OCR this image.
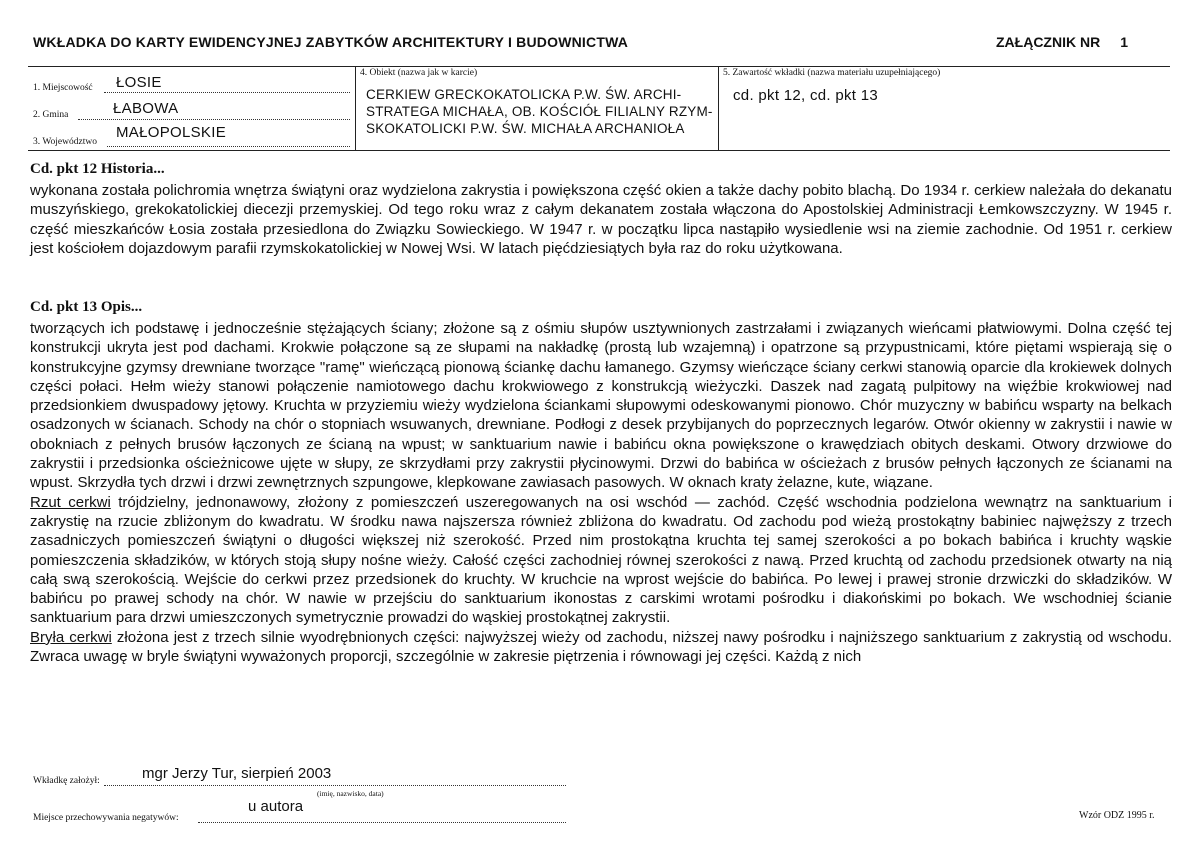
WKŁADKA DO KARTY EWIDENCYJNEJ ZABYTKÓW ARCHITEKTURY I BUDOWNICTWA	ZAŁĄCZNIK NR 1
1. Miejscowość ŁOSIE
2. Gmina	ŁABOWA
3. Województwo
MAŁOPOLSKIE
4. Obiekt (nazwa jak w karcie)
CERKIEW GRECKOKATOLICKA P.W. ŚW. ARCHI-
STRATEGA MICHAŁA, OB. KOŚCIÓŁ FILIALNY RZYM-
SKOKATOLICKI P.W. ŚW. MICHAŁA ARCHANIOŁA
5. Zawartość wkładki (nazwa materiału uzupełniającego)
cd. pkt 12, cd. pkt 13
Cd. pkt 12 Historia...

wykonana została polichromia wnętrza świątyni oraz wydzielona zakrystia i powiększona część okien a także dachy pobito blachą. Do 1934 r. cerkiew należała do dekanatu muszyńskiego, grekokatolickiej diecezji przemyskiej. Od tego roku wraz z całym dekanatem została włączona do Apostolskiej Administracji Łemkowszczyzny. W 1945 r. część mieszkańców Łosia została przesiedlona do Związku Sowieckiego. W 1947 r. w początku lipca nastąpiło wysiedlenie wsi na ziemie zachodnie. Od 1951 r. cerkiew jest kościołem dojazdowym parafii rzymskokatolickiej w Nowej Wsi. W latach pięćdziesiątych była raz do roku użytkowana.

Cd. pkt 13 Opis...

tworzących ich podstawę i jednocześnie stężających ściany; złożone są z ośmiu słupów usztywnionych zastrzałami i związanych wieńcami płatwiowymi. Dolna część tej konstrukcji ukryta jest pod dachami. Krokwie połączone są ze słupami na nakładkę (prostą lub wzajemną) i opatrzone są przypustnicami, które piętami wspierają się o konstrukcyjne gzymsy drewniane tworzące "ramę" wieńczącą pionową ściankę dachu łamanego. Gzymsy wieńczące ściany cerkwi stanowią oparcie dla krokiewek dolnych części połaci. Hełm wieży stanowi połączenie namiotowego dachu krokwiowego z konstrukcją wieżyczki. Daszek nad zagatą pulpitowy na więźbie krokwiowej nad przedsionkiem dwuspadowy jętowy. Kruchta w przyziemiu wieży wydzielona ściankami słupowymi odeskowanymi pionowo. Chór muzyczny w babińcu wsparty na belkach osadzonych w ścianach. Schody na chór o stopniach wsuwanych, drewniane. Podłogi z desek przybijanych do poprzecznych legarów. Otwór okienny w zakrystii i nawie w obokniach z pełnych brusów łączonych ze ścianą na wpust; w sanktuarium nawie i babińcu okna powiększone o krawędziach obitych deskami. Otwory drzwiowe do zakrystii i przedsionka ościeżnicowe ujęte w słupy, ze skrzydłami przy zakrystii płycinowymi. Drzwi do babińca w ościeżach z brusów pełnych łączonych ze ścianami na wpust. Skrzydła tych drzwi i drzwi zewnętrznych szpungowe, klepkowane zawiasach pasowych. W oknach kraty żelazne, kute, wiązane.
Rzut cerkwi trójdzielny, jednonawowy, złożony z pomieszczeń uszeregowanych na osi wschód — zachód. Część wschodnia podzielona wewnątrz na sanktuarium i zakrystię na rzucie zbliżonym do kwadratu. W środku nawa najszersza również zbliżona do kwadratu. Od zachodu pod wieżą prostokątny babiniec najwęższy z trzech zasadniczych pomieszczeń świątyni o długości większej niż szerokość. Przed nim prostokątna kruchta tej samej szerokości a po bokach babińca i kruchty wąskie pomieszczenia składzików, w których stoją słupy nośne wieży. Całość części zachodniej równej szerokości z nawą. Przed kruchtą od zachodu przedsionek otwarty na nią całą swą szerokością. Wejście do cerkwi przez przedsionek do kruchty. W kruchcie na wprost wejście do babińca. Po lewej i prawej stronie drzwiczki do składzików. W babińcu po prawej schody na chór. W nawie w przejściu do sanktuarium ikonostas z carskimi wrotami pośrodku i diakońskimi po bokach. We wschodniej ścianie sanktuarium para drzwi umieszczonych symetrycznie prowadzi do wąskiej prostokątnej zakrystii.
Bryła cerkwi złożona jest z trzech silnie wyodrębnionych części: najwyższej wieży od zachodu, niższej nawy pośrodku i najniższego sanktuarium z zakrystią od wschodu. Zwraca uwagę w bryle świątyni wyważonych proporcji, szczególnie w zakresie piętrzenia i równowagi jej części. Każdą z nich

Wkładkę założył:	mgr Jerzy Tur, sierpień 2003
(imię, nazwisko, data)
Miejsce przechowywania negatywów:
u autora
Wzór ODZ 1995 r.
